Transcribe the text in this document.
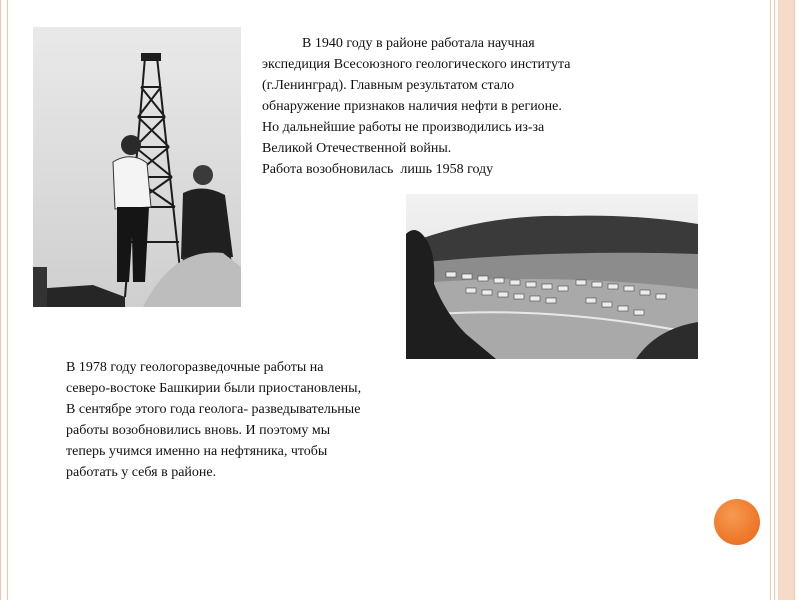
В 1940 году в районе работала научная
экспедиция Всесоюзного геологического института
(г.Ленинград). Главным результатом стало
обнаружение признаков наличия нефти в регионе.
Но дальнейшие работы не производились из-за
Великой Отечественной войны.
Работа возобновилась  лишь 1958 году
В 1978 году геологоразведочные работы на
северо-востоке Башкирии были приостановлены,
В сентябре этого года геолога- разведывательные
работы возобновились вновь. И поэтому мы
теперь учимся именно на нефтяника, чтобы
работать у себя в районе.
